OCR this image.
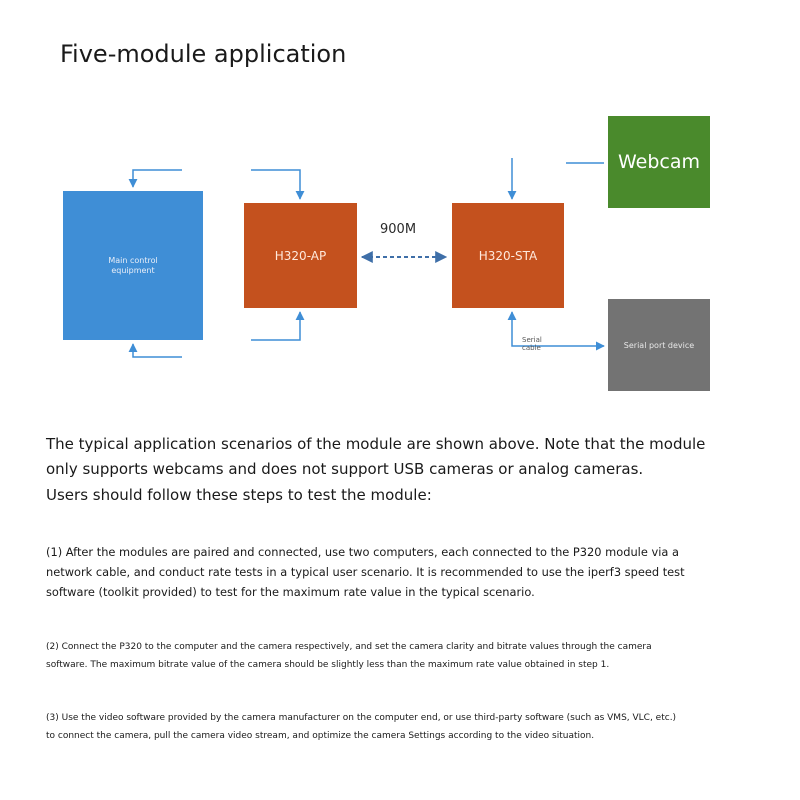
Five-module application
Main control equipment
H320-AP	H320-STA
Webcam
Serial port device
900M
Serial
cable
The typical application scenarios of the module are shown above. Note that the module
only supports webcams and does not support USB cameras or analog cameras.
Users should follow these steps to test the module:
(1) After the modules are paired and connected, use two computers, each connected to the P320 module via a
network cable, and conduct rate tests in a typical user scenario. It is recommended to use the iperf3 speed test
software (toolkit provided) to test for the maximum rate value in the typical scenario.
(2) Connect the P320 to the computer and the camera respectively, and set the camera clarity and bitrate values through the camera
software. The maximum bitrate value of the camera should be slightly less than the maximum rate value obtained in step 1.
(3) Use the video software provided by the camera manufacturer on the computer end, or use third-party software (such as VMS, VLC, etc.)
to connect the camera, pull the camera video stream, and optimize the camera Settings according to the video situation.
